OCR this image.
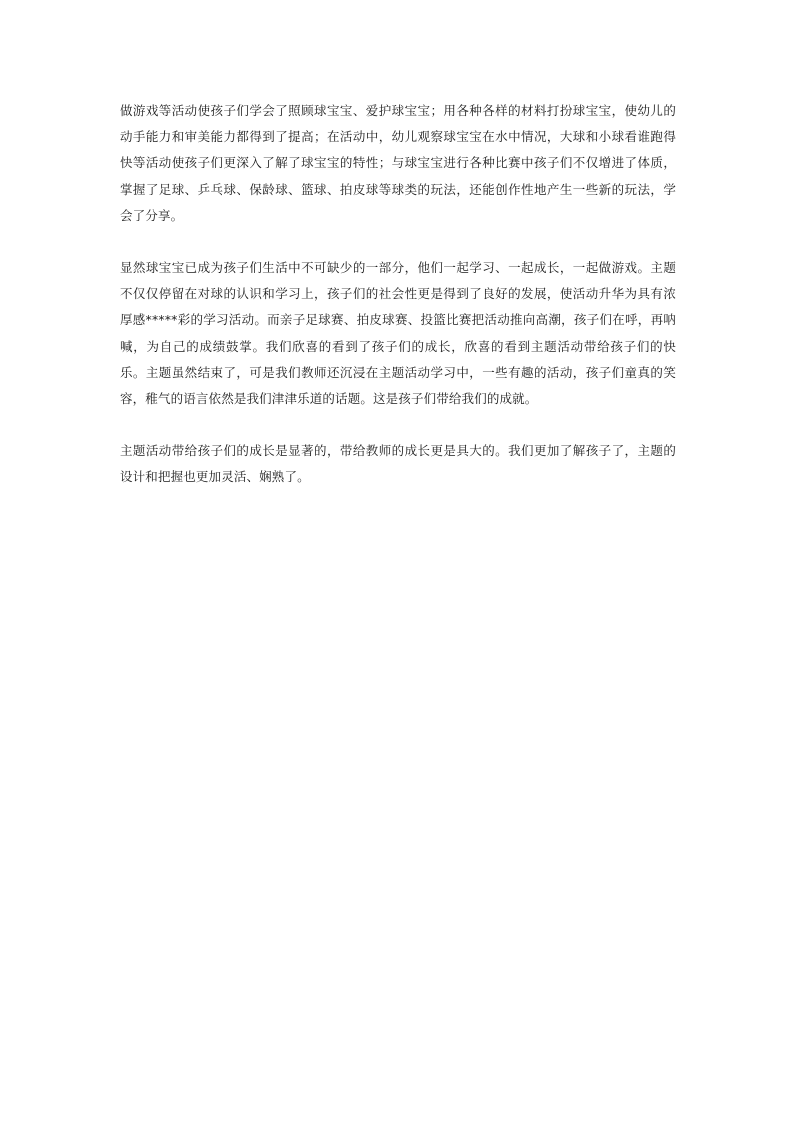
做游戏等活动使孩子们学会了照顾球宝宝、爱护球宝宝；用各种各样的材料打扮球宝宝，使幼儿的动手能力和审美能力都得到了提高；在活动中，幼儿观察球宝宝在水中情况，大球和小球看谁跑得快等活动使孩子们更深入了解了球宝宝的特性；与球宝宝进行各种比赛中孩子们不仅增进了体质，掌握了足球、乒乓球、保龄球、篮球、拍皮球等球类的玩法，还能创作性地产生一些新的玩法，学会了分享。

显然球宝宝已成为孩子们生活中不可缺少的一部分，他们一起学习、一起成长，一起做游戏。主题不仅仅停留在对球的认识和学习上，孩子们的社会性更是得到了良好的发展，使活动升华为具有浓厚感*****彩的学习活动。而亲子足球赛、拍皮球赛、投篮比赛把活动推向高潮，孩子们在呼，再呐喊，为自己的成绩鼓掌。我们欣喜的看到了孩子们的成长，欣喜的看到主题活动带给孩子们的快乐。主题虽然结束了，可是我们教师还沉浸在主题活动学习中，一些有趣的活动，孩子们童真的笑容，稚气的语言依然是我们津津乐道的话题。这是孩子们带给我们的成就。

主题活动带给孩子们的成长是显著的，带给教师的成长更是具大的。我们更加了解孩子了，主题的设计和把握也更加灵活、娴熟了。
